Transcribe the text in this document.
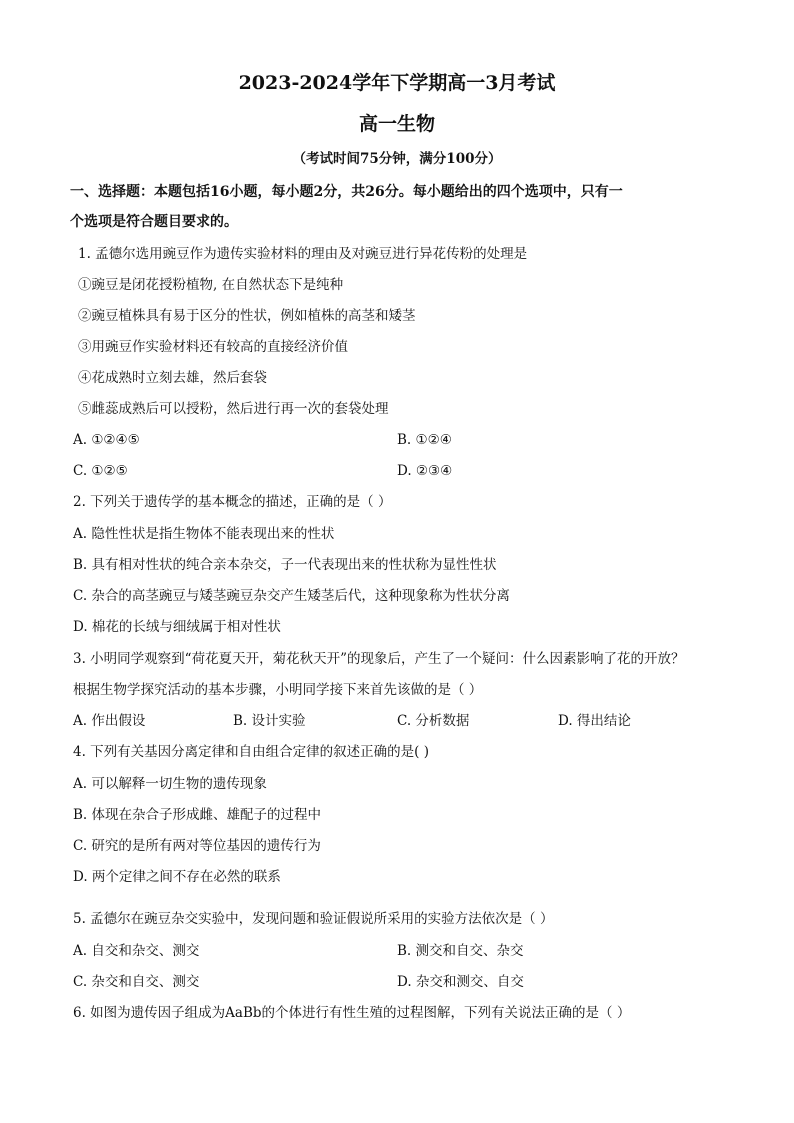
2023-2024学年下学期高一3月考试
高一生物
（考试时间75分钟，满分100分）
一、选择题：本题包括16小题，每小题2分，共26分。每小题给出的四个选项中，只有一
个选项是符合题目要求的。
1. 孟德尔选用豌豆作为遗传实验材料的理由及对豌豆进行异花传粉的处理是
①豌豆是闭花授粉植物, 在自然状态下是纯种
②豌豆植株具有易于区分的性状，例如植株的高茎和矮茎
③用豌豆作实验材料还有较高的直接经济价值
④花成熟时立刻去雄，然后套袋
⑤雌蕊成熟后可以授粉，然后进行再一次的套袋处理
A. ①②④⑤	B. ①②④
C. ①②⑤	D. ②③④
2. 下列关于遗传学的基本概念的描述，正确的是（ ）
A. 隐性性状是指生物体不能表现出来的性状
B. 具有相对性状的纯合亲本杂交，子一代表现出来的性状称为显性性状
C. 杂合的高茎豌豆与矮茎豌豆杂交产生矮茎后代，这种现象称为性状分离
D. 棉花的长绒与细绒属于相对性状
3. 小明同学观察到“荷花夏天开，菊花秋天开”的现象后，产生了一个疑问：什么因素影响了花的开放？
根据生物学探究活动的基本步骤，小明同学接下来首先该做的是（ ）
A. 作出假设	B. 设计实验	C. 分析数据	D. 得出结论
4. 下列有关基因分离定律和自由组合定律的叙述正确的是( )
A. 可以解释一切生物的遗传现象
B. 体现在杂合子形成雌、雄配子的过程中
C. 研究的是所有两对等位基因的遗传行为
D. 两个定律之间不存在必然的联系
5. 孟德尔在豌豆杂交实验中，发现问题和验证假说所采用的实验方法依次是（ ）
A. 自交和杂交、测交	B. 测交和自交、杂交
C. 杂交和自交、测交	D. 杂交和测交、自交
6. 如图为遗传因子组成为AaBb的个体进行有性生殖的过程图解，下列有关说法正确的是（ ）
